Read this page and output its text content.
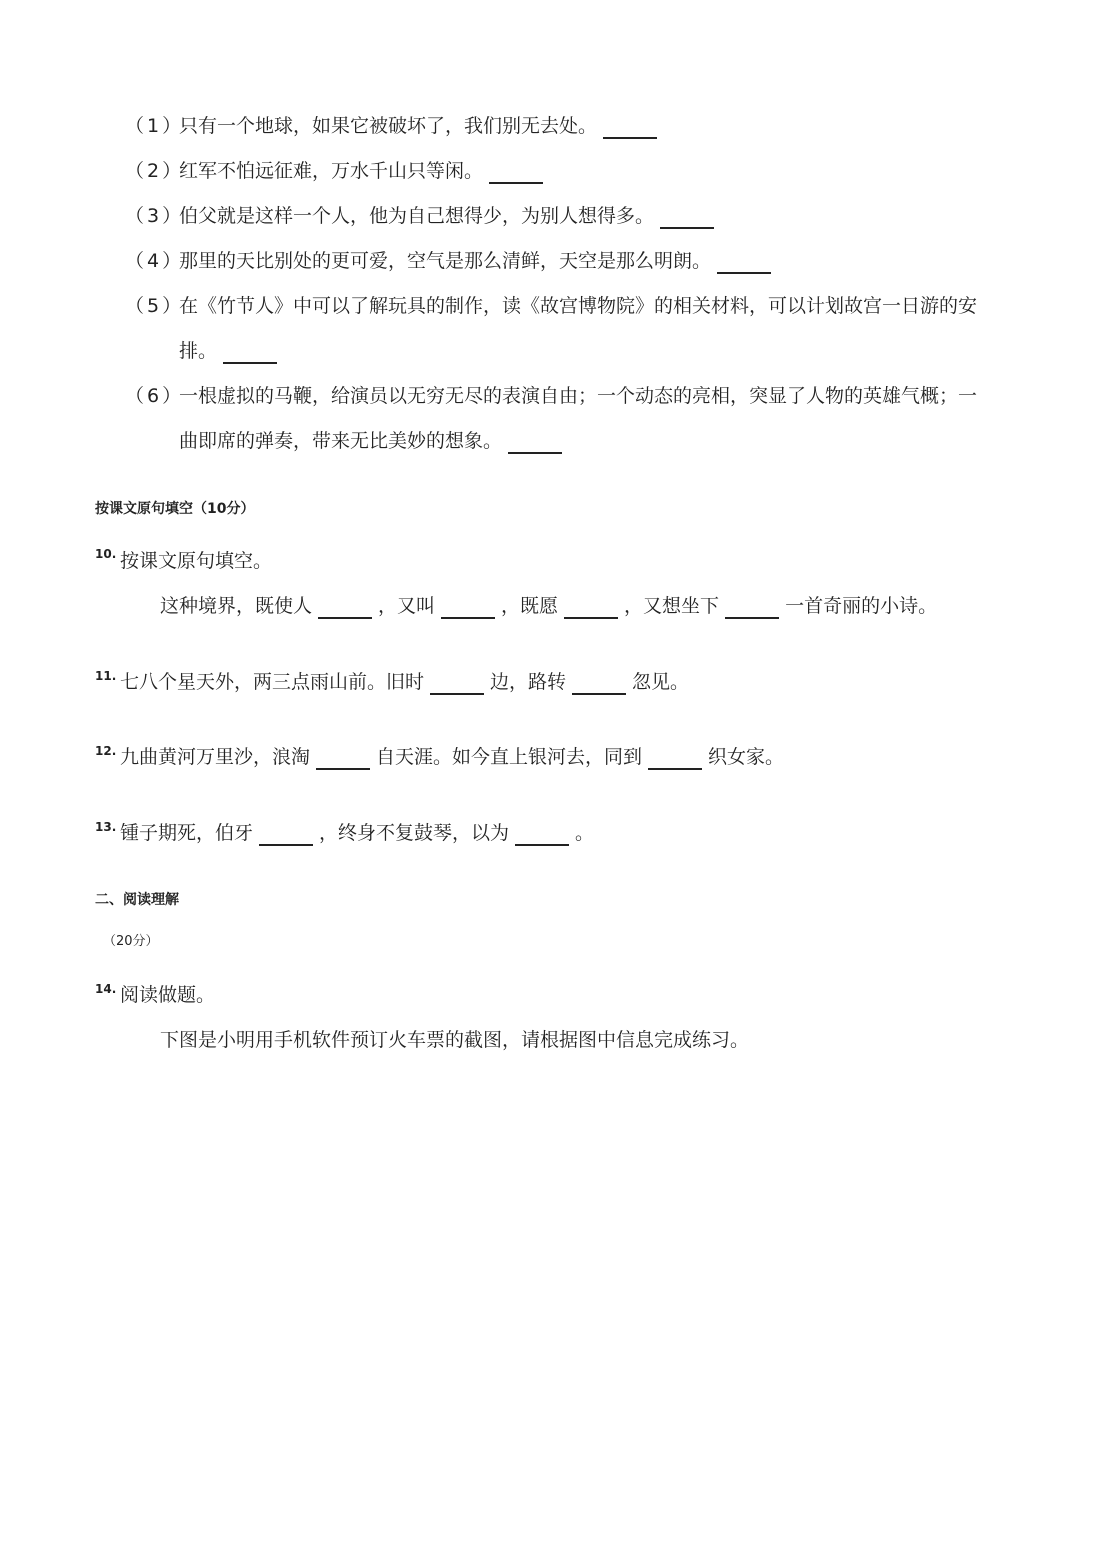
（1）
只有一个地球，如果它被破坏了，我们别无去处。
（2）
红军不怕远征难，万水千山只等闲。
（3）
伯父就是这样一个人，他为自己想得少，为别人想得多。
（4）
那里的天比别处的更可爱，空气是那么清鲜，天空是那么明朗。
（5）
在《竹节人》中可以了解玩具的制作，读《故宫博物院》的相关材料，可以计划故宫一日游的安
排。
（6）
一根虚拟的马鞭，给演员以无穷无尽的表演自由；一个动态的亮相，突显了人物的英雄气概；一
曲即席的弹奏，带来无比美妙的想象。
按课文原句填空（10分）
10. 按课文原句填空。
这种境界，既使人	，又叫	，既愿	，又想坐下	一首奇丽的小诗。
11. 七八个星天外，两三点雨山前。旧时	边，路转	忽见。
12. 九曲黄河万里沙，浪淘	自天涯。如今直上银河去，同到	织女家。
13. 锺子期死，伯牙	，终身不复鼓琴，以为	。
二、阅读理解
（20分）
14. 阅读做题。
下图是小明用手机软件预订火车票的截图，请根据图中信息完成练习。
